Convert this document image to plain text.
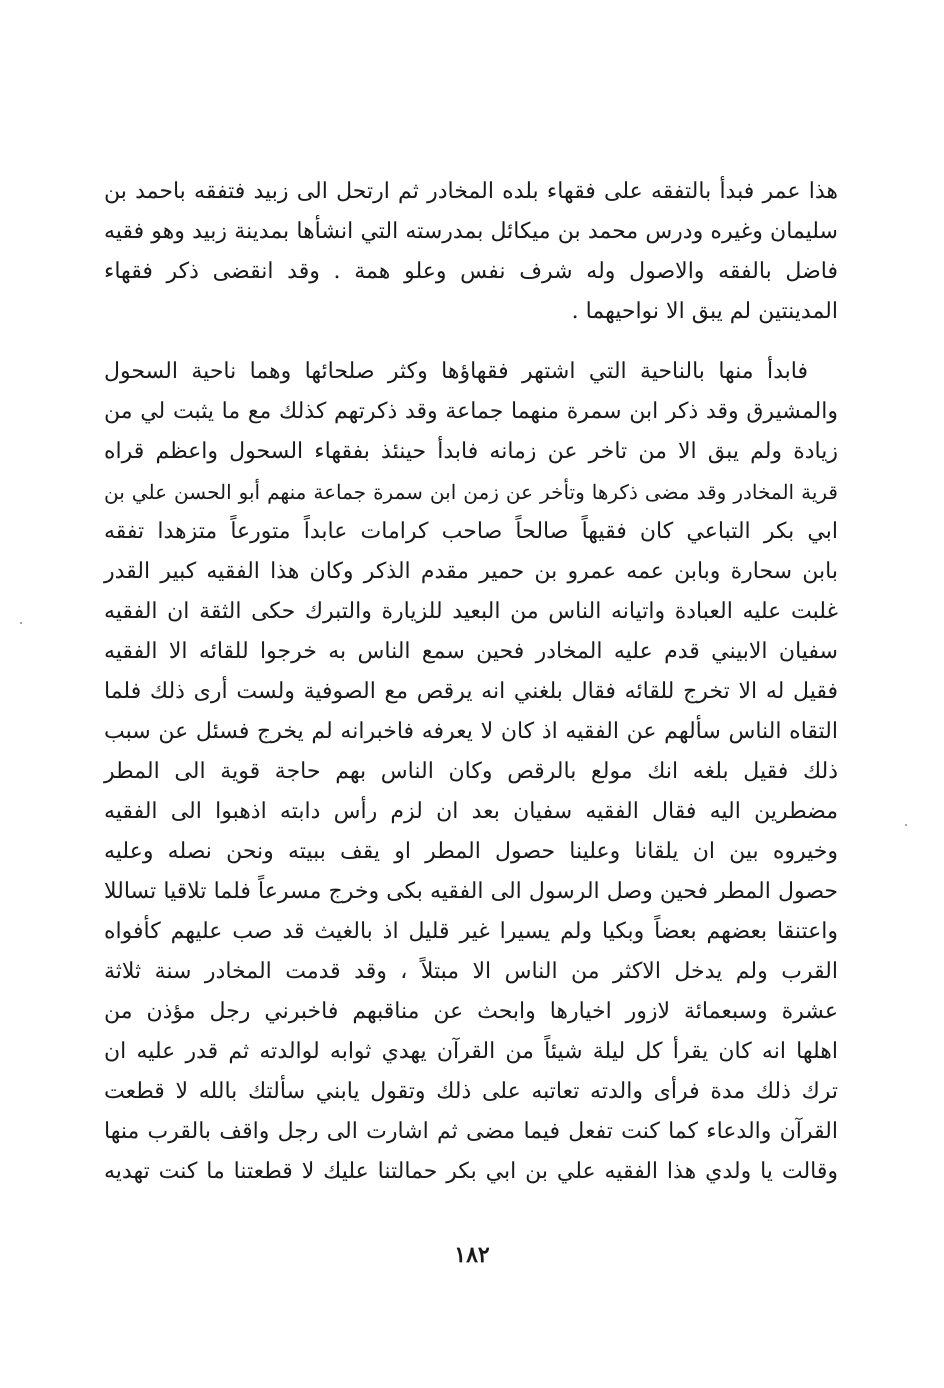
هذا عمر فبدأ بالتفقه على فقهاء بلده المخادر ثم ارتحل الى زبيد فتفقه باحمد بن
سليمان وغيره ودرس محمد بن ميكائل بمدرسته التي انشأها بمدينة زبيد وهو فقيه
فاضل بالفقه والاصول وله شرف نفس وعلو همة . وقد انقضى ذكر فقهاء
المدينتين لم يبق الا نواحيهما .
فابدأ منها بالناحية التي اشتهر فقهاؤها وكثر صلحائها وهما ناحية السحول
والمشيرق وقد ذكر ابن سمرة منهما جماعة وقد ذكرتهم كذلك مع ما يثبت لي من
زيادة ولم يبق الا من تاخر عن زمانه فابدأ حينئذ بفقهاء السحول واعظم قراه
قرية المخادر وقد مضى ذكرها وتأخر عن زمن ابن سمرة جماعة منهم أبو الحسن علي بن
ابي بكر التباعي كان فقيهاً صالحاً صاحب كرامات عابداً متورعاً متزهدا تفقه
بابن سحارة وبابن عمه عمرو بن حمير مقدم الذكر وكان هذا الفقيه كبير القدر
غلبت عليه العبادة واتيانه الناس من البعيد للزيارة والتبرك حكى الثقة ان الفقيه
سفيان الابيني قدم عليه المخادر فحين سمع الناس به خرجوا للقائه الا الفقيه
فقيل له الا تخرج للقائه فقال بلغني انه يرقص مع الصوفية ولست أرى ذلك فلما
التقاه الناس سألهم عن الفقيه اذ كان لا يعرفه فاخبرانه لم يخرج فسئل عن سبب
ذلك فقيل بلغه انك مولع بالرقص وكان الناس بهم حاجة قوية الى المطر
مضطرين اليه فقال الفقيه سفيان بعد ان لزم رأس دابته اذهبوا الى الفقيه
وخيروه بين ان يلقانا وعلينا حصول المطر او يقف ببيته ونحن نصله وعليه
حصول المطر فحين وصل الرسول الى الفقيه بكى وخرج مسرعاً فلما تلاقيا تساللا
واعتنقا بعضهم بعضاً وبكيا ولم يسيرا غير قليل اذ بالغيث قد صب عليهم كأفواه
القرب ولم يدخل الاكثر من الناس الا مبتلاً ، وقد قدمت المخادر سنة ثلاثة
عشرة وسبعمائة لازور اخيارها وابحث عن مناقبهم فاخبرني رجل مؤذن من
اهلها انه كان يقرأ كل ليلة شيئاً من القرآن يهدي ثوابه لوالدته ثم قدر عليه ان
ترك ذلك مدة فرأى والدته تعاتبه على ذلك وتقول يابني سألتك بالله لا قطعت
القرآن والدعاء كما كنت تفعل فيما مضى ثم اشارت الى رجل واقف بالقرب منها
وقالت يا ولدي هذا الفقيه علي بن ابي بكر حمالتنا عليك لا قطعتنا ما كنت تهديه
١٨٢
